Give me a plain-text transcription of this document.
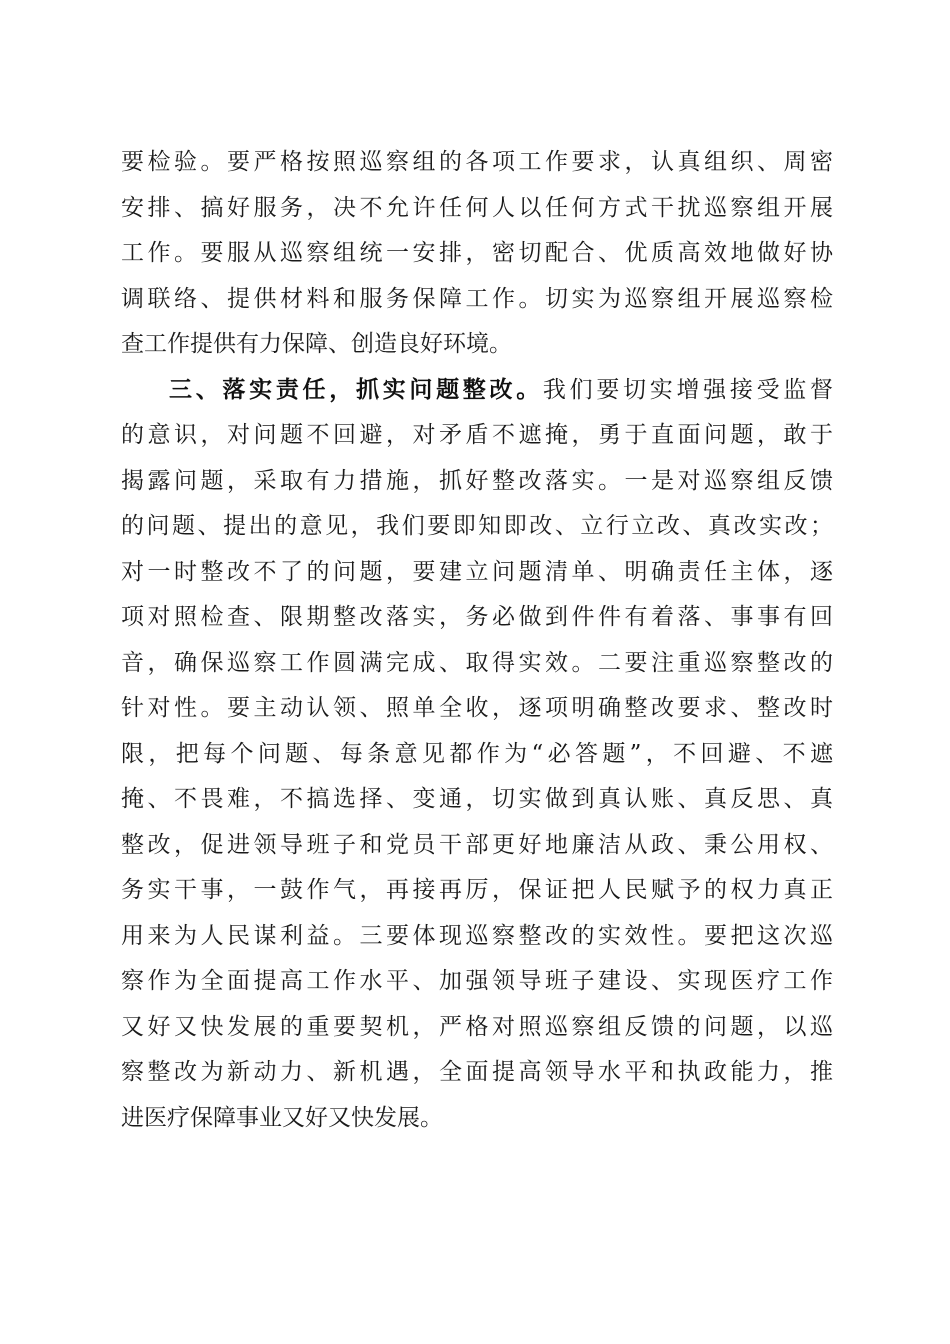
要检验。要严格按照巡察组的各项工作要求，认真组织、周密
安排、搞好服务，决不允许任何人以任何方式干扰巡察组开展
工作。要服从巡察组统一安排，密切配合、优质高效地做好协
调联络、提供材料和服务保障工作。切实为巡察组开展巡察检
查工作提供有力保障、创造良好环境。
三、落实责任，抓实问题整改。我们要切实增强接受监督
的意识，对问题不回避，对矛盾不遮掩，勇于直面问题，敢于
揭露问题，采取有力措施，抓好整改落实。一是对巡察组反馈
的问题、提出的意见，我们要即知即改、立行立改、真改实改；
对一时整改不了的问题，要建立问题清单、明确责任主体，逐
项对照检查、限期整改落实，务必做到件件有着落、事事有回
音，确保巡察工作圆满完成、取得实效。二要注重巡察整改的
针对性。要主动认领、照单全收，逐项明确整改要求、整改时
限，把每个问题、每条意见都作为“必答题”，不回避、不遮
掩、不畏难，不搞选择、变通，切实做到真认账、真反思、真
整改，促进领导班子和党员干部更好地廉洁从政、秉公用权、
务实干事，一鼓作气，再接再厉，保证把人民赋予的权力真正
用来为人民谋利益。三要体现巡察整改的实效性。要把这次巡
察作为全面提高工作水平、加强领导班子建设、实现医疗工作
又好又快发展的重要契机，严格对照巡察组反馈的问题，以巡
察整改为新动力、新机遇，全面提高领导水平和执政能力，推
进医疗保障事业又好又快发展。
